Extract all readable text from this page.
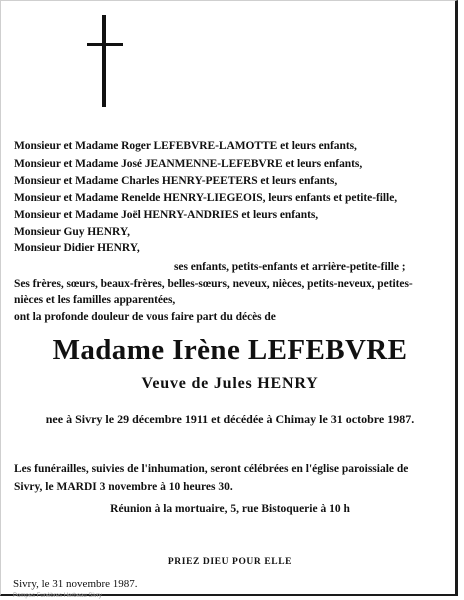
Monsieur et Madame Roger LEFEBVRE-LAMOTTE et leurs enfants,
Monsieur et Madame José JEANMENNE-LEFEBVRE et leurs enfants,
Monsieur et Madame Charles HENRY-PEETERS et leurs enfants,
Monsieur et Madame Renelde HENRY-LIEGEOIS, leurs enfants et petite-fille,
Monsieur et Madame Joël HENRY-ANDRIES et leurs enfants,
Monsieur Guy HENRY,
Monsieur Didier HENRY,
ses enfants, petits-enfants et arrière-petite-fille ;
Ses frères, sœurs, beaux-frères, belles-sœurs, neveux, nièces, petits-neveux, petites-
nièces et les familles apparentées,
ont la profonde douleur de vous faire part du décès de
Madame Irène LEFEBVRE
Veuve de Jules HENRY
nee à Sivry le 29 décembre 1911 et décédée à Chimay le 31 octobre 1987.
Les funérailles, suivies de l'inhumation, seront célébrées en l'église paroissiale de
Sivry, le MARDI 3 novembre à 10 heures 30.
Réunion à la mortuaire, 5, rue Bistoquerie à 10 h
PRIEZ DIEU POUR ELLE
Sivry, le 31 novembre 1987.
Pompes Funèbres Herbeau Sivry
